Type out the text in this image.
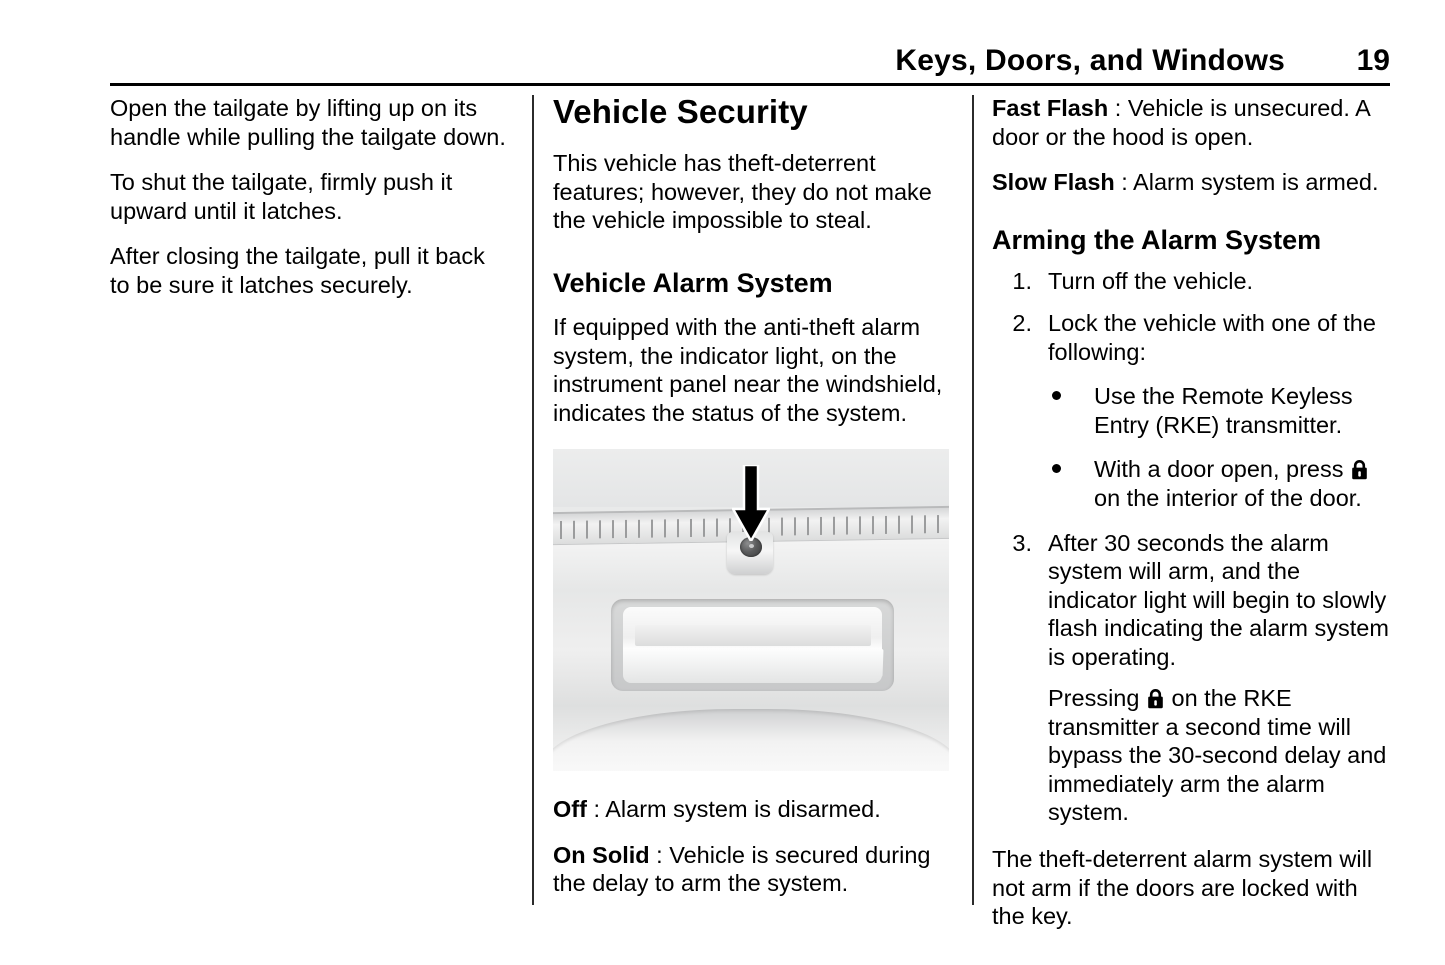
Keys, Doors, and Windows 19

Open the tailgate by lifting up on its handle while pulling the tailgate down.

To shut the tailgate, firmly push it upward until it latches.

After closing the tailgate, pull it back to be sure it latches securely.

Vehicle Security

This vehicle has theft-deterrent features; however, they do not make the vehicle impossible to steal.

Vehicle Alarm System

If equipped with the anti-theft alarm system, the indicator light, on the instrument panel near the windshield, indicates the status of the system.

Off : Alarm system is disarmed.

On Solid : Vehicle is secured during the delay to arm the system.

Fast Flash : Vehicle is unsecured. A door or the hood is open.

Slow Flash : Alarm system is armed.

Arming the Alarm System
1. Turn off the vehicle.
2. Lock the vehicle with one of the following:
Use the Remote Keyless Entry (RKE) transmitter.
With a door open, press  on the interior of the door.
3. After 30 seconds the alarm system will arm, and the indicator light will begin to slowly flash indicating the alarm system is operating.

Pressing  on the RKE transmitter a second time will bypass the 30-second delay and immediately arm the alarm system.

The theft-deterrent alarm system will not arm if the doors are locked with the key.
